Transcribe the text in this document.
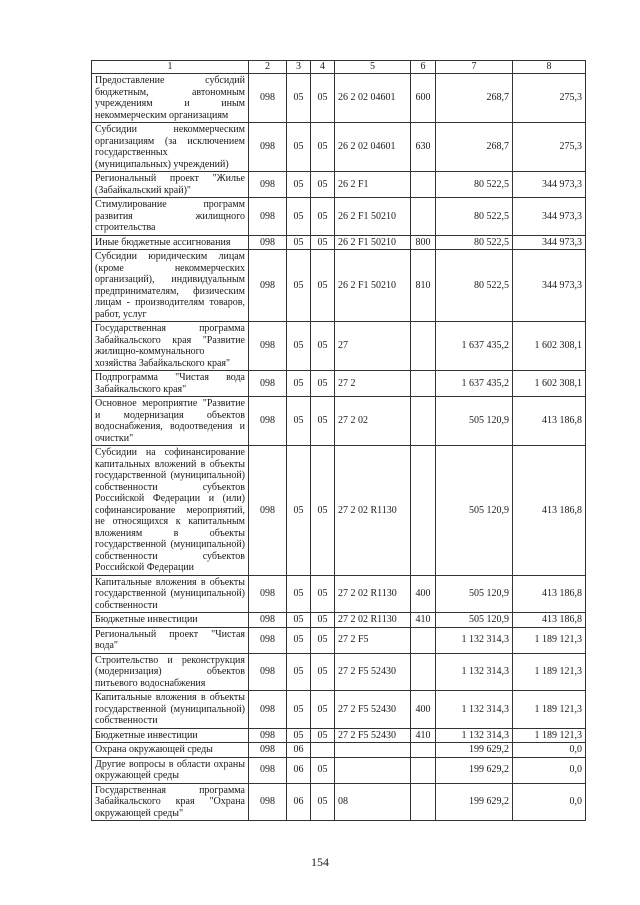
1	2	3	4	5	6	7	8
Предоставление субсидий бюджетным, автономным учреждениям и иным некоммерческим организациям	098	05	05	26 2 02 04601	600	268,7	275,3
Субсидии некоммерческим организациям (за исключением государственных (муниципальных) учреждений)	098	05	05	26 2 02 04601	630	268,7	275,3
Региональный проект "Жилье (Забайкальский край)"	098	05	05	26 2 F1		80 522,5	344 973,3
Стимулирование программ развития жилищного строительства	098	05	05	26 2 F1 50210		80 522,5	344 973,3
Иные бюджетные ассигнования	098	05	05	26 2 F1 50210	800	80 522,5	344 973,3
Субсидии юридическим лицам (кроме некоммерческих организаций), индивидуальным предпринимателям, физическим лицам - производителям товаров, работ, услуг	098	05	05	26 2 F1 50210	810	80 522,5	344 973,3
Государственная программа Забайкальского края "Развитие жилищно-коммунального хозяйства Забайкальского края"	098	05	05	27		1 637 435,2	1 602 308,1
Подпрограмма "Чистая вода Забайкальского края"	098	05	05	27 2		1 637 435,2	1 602 308,1
Основное мероприятие "Развитие и модернизация объектов водоснабжения, водоотведения и очистки"	098	05	05	27 2 02		505 120,9	413 186,8
Субсидии на софинансирование капитальных вложений в объекты государственной (муниципальной) собственности субъектов Российской Федерации и (или) софинансирование мероприятий, не относящихся к капитальным вложениям в объекты государственной (муниципальной) собственности субъектов Российской Федерации	098	05	05	27 2 02 R1130		505 120,9	413 186,8
Капитальные вложения в объекты государственной (муниципальной) собственности	098	05	05	27 2 02 R1130	400	505 120,9	413 186,8
Бюджетные инвестиции	098	05	05	27 2 02 R1130	410	505 120,9	413 186,8
Региональный проект "Чистая вода"	098	05	05	27 2 F5		1 132 314,3	1 189 121,3
Строительство и реконструкция (модернизация) объектов питьевого водоснабжения	098	05	05	27 2 F5 52430		1 132 314,3	1 189 121,3
Капитальные вложения в объекты государственной (муниципальной) собственности	098	05	05	27 2 F5 52430	400	1 132 314,3	1 189 121,3
Бюджетные инвестиции	098	05	05	27 2 F5 52430	410	1 132 314,3	1 189 121,3
Охрана окружающей среды	098	06				199 629,2	0,0
Другие вопросы в области охраны окружающей среды	098	06	05			199 629,2	0,0
Государственная программа Забайкальского края "Охрана окружающей среды"	098	06	05	08		199 629,2	0,0
154
